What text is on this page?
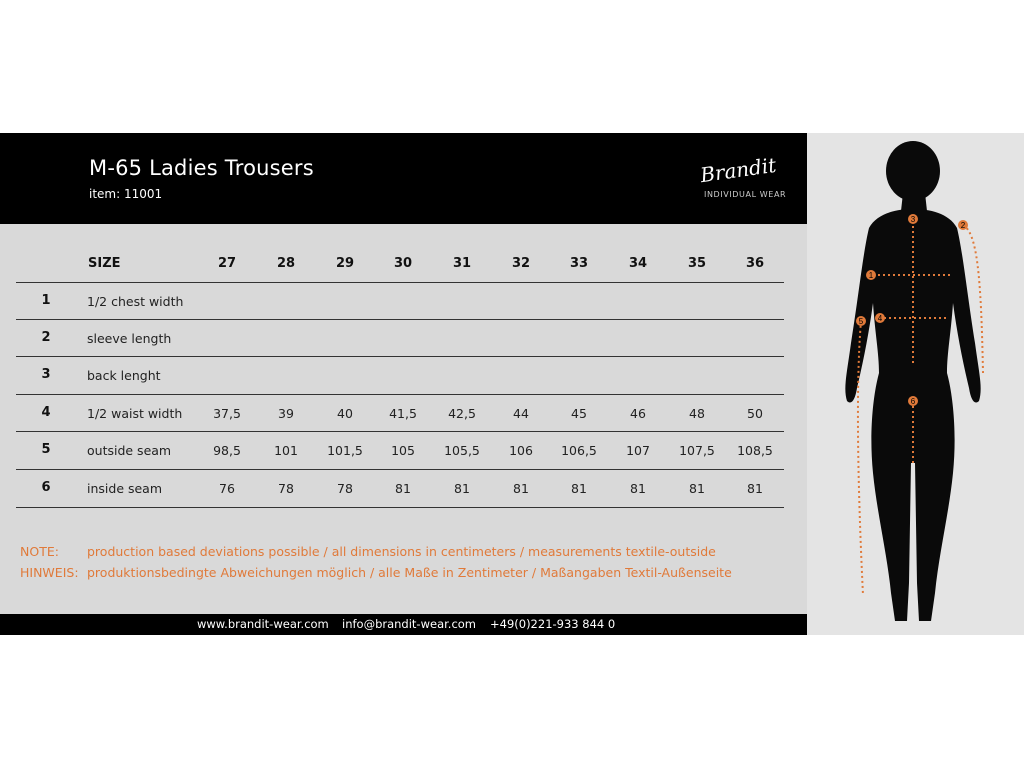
M-65 Ladies Trousers
item: 11001
Brandit
INDIVIDUAL WEAR
SIZE	27	28	29	30	31	32	33	34	35	36
1	1/2 chest width
2	sleeve length
3	back lenght
4	1/2 waist width	37,5	39	40	41,5	42,5	44	45	46	48	50
5	outside seam	98,5	101	101,5	105	105,5	106	106,5	107	107,5	108,5
6	inside seam	76	78	78	81	81	81	81	81	81	81
NOTE: production based deviations possible / all dimensions in centimeters / measurements textile-outside
HINWEIS: produktionsbedingte Abweichungen möglich / alle Maße in Zentimeter / Maßangaben Textil-Außenseite
www.brandit-wear.com info@brandit-wear.com +49(0)221-933 844 0
1
2
3
4
5
6
